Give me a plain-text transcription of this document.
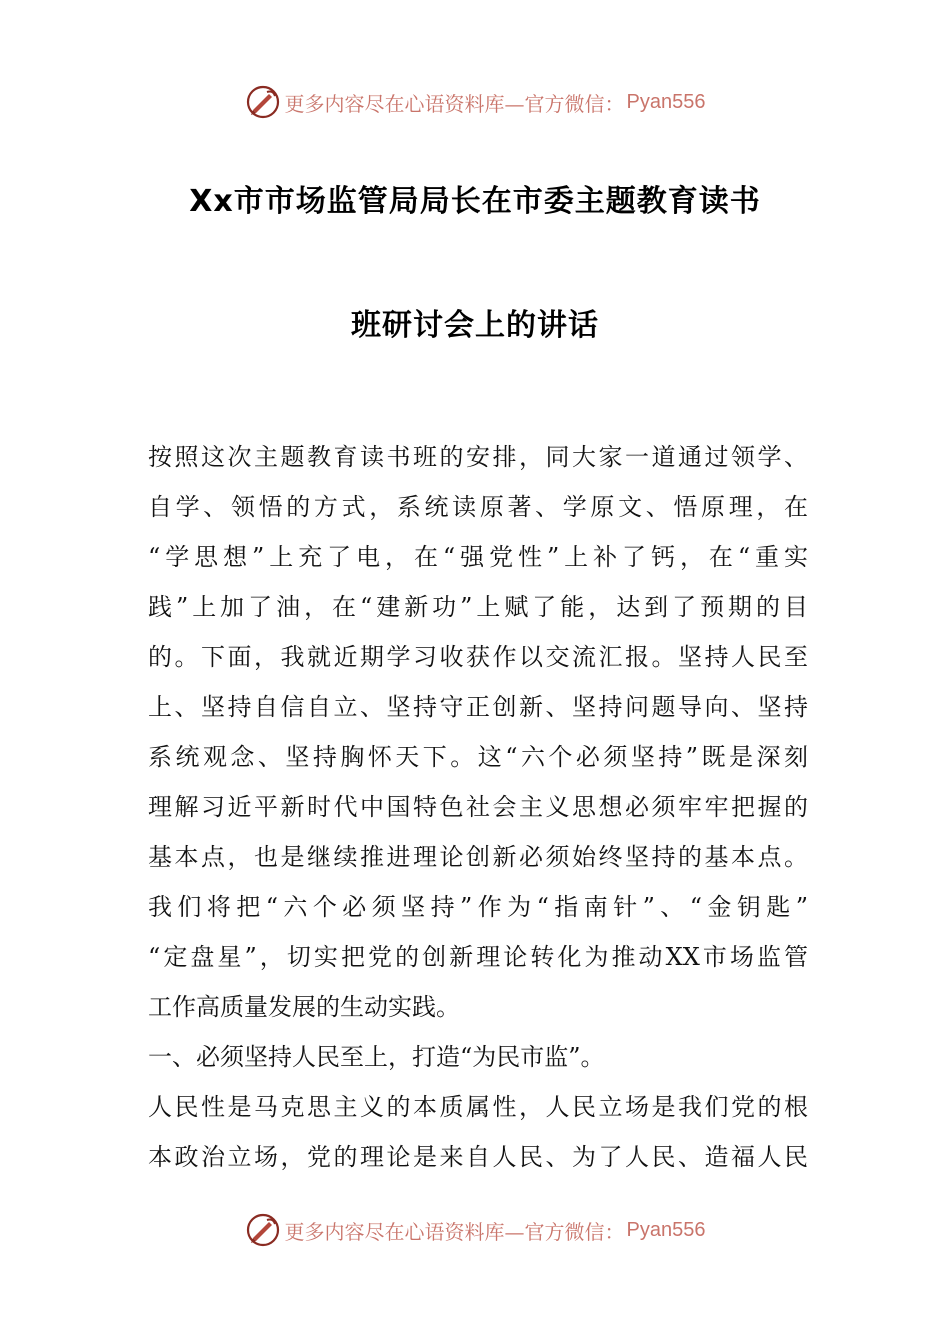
更多内容尽在心语资料库—官方微信： Pyan556
Xx市市场监管局局长在市委主题教育读书
班研讨会上的讲话
按照这次主题教育读书班的安排，同大家一道通过领学、
自学、领悟的方式，系统读原著、学原文、悟原理，在
“学思想”上充了电，在“强党性”上补了钙，在“重实
践”上加了油，在“建新功”上赋了能，达到了预期的目
的。下面，我就近期学习收获作以交流汇报。坚持人民至
上、坚持自信自立、坚持守正创新、坚持问题导向、坚持
系统观念、坚持胸怀天下。这“六个必须坚持”既是深刻
理解习近平新时代中国特色社会主义思想必须牢牢把握的
基本点，也是继续推进理论创新必须始终坚持的基本点。
我们将把“六个必须坚持”作为“指南针”、“金钥匙”
“定盘星”，切实把党的创新理论转化为推动XX市场监管
工作高质量发展的生动实践。
一、必须坚持人民至上，打造“为民市监”。
人民性是马克思主义的本质属性，人民立场是我们党的根
本政治立场，党的理论是来自人民、为了人民、造福人民
更多内容尽在心语资料库—官方微信： Pyan556
